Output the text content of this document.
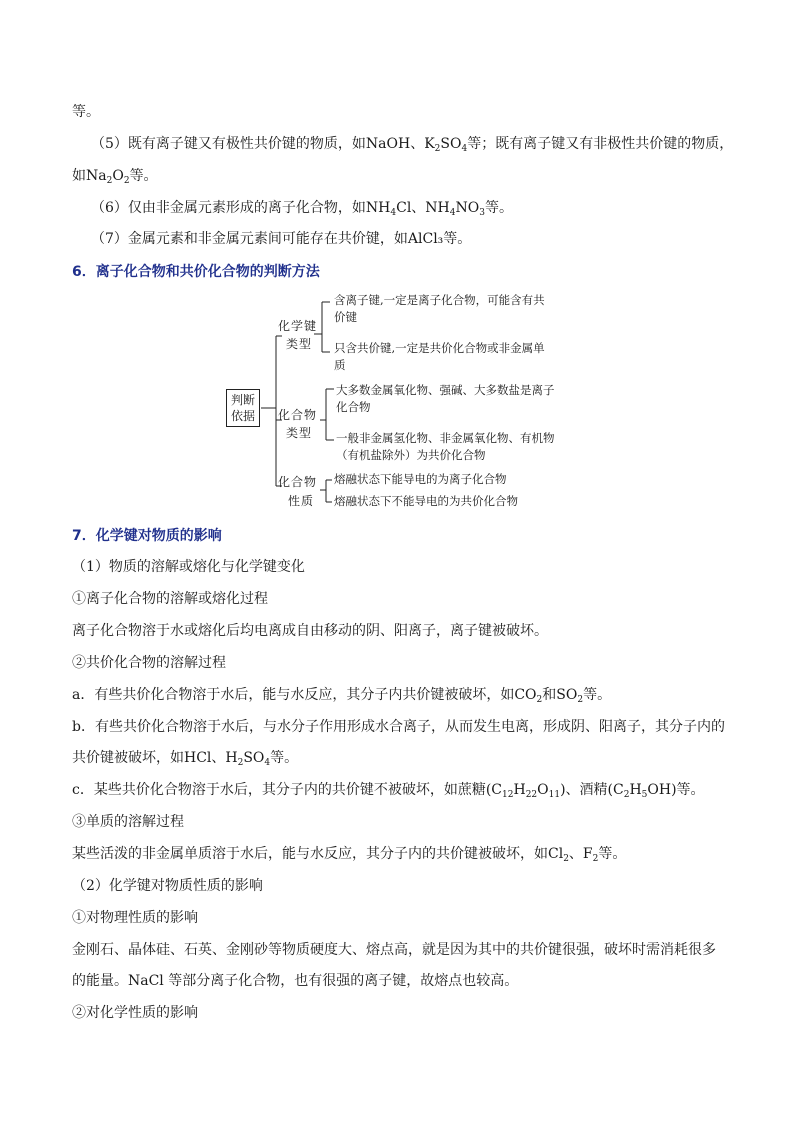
等。
（5）既有离子键又有极性共价键的物质，如NaOH、$K_2SO_4$等；既有离子键又有非极性共价键的物质，
如$Na_2O_2$等。
（6）仅由非金属元素形成的离子化合物，如$NH_4Cl$、$NH_4NO_3$等。
（7）金属元素和非金属元素间可能存在共价键，如AlCl₃等。
6．离子化合物和共价化合物的判断方法
判断
依据
化学键
类型
化合物
类型
化合物
性质
含离子键,一定是离子化合物，可能含有共
价键
只含共价键,一定是共价化合物或非金属单
质
大多数金属氧化物、强碱、大多数盐是离子
化合物
一般非金属氢化物、非金属氧化物、有机物
（有机盐除外）为共价化合物
熔融状态下能导电的为离子化合物
熔融状态下不能导电的为共价化合物
7．化学键对物质的影响
（1）物质的溶解或熔化与化学键变化
①离子化合物的溶解或熔化过程
离子化合物溶于水或熔化后均电离成自由移动的阴、阳离子，离子键被破坏。
②共价化合物的溶解过程
a．有些共价化合物溶于水后，能与水反应，其分子内共价键被破坏，如$CO_2$和$SO_2$等。
b．有些共价化合物溶于水后，与水分子作用形成水合离子，从而发生电离，形成阴、阳离子，其分子内的
共价键被破坏，如HCl、$H_2SO_4$等。
c．某些共价化合物溶于水后，其分子内的共价键不被破坏，如蔗糖$(C_{12}H_{22}O_{11})$、酒精$(C_2H_5OH)$等。
③单质的溶解过程
某些活泼的非金属单质溶于水后，能与水反应，其分子内的共价键被破坏，如$Cl_2$、$F_2$等。
（2）化学键对物质性质的影响
①对物理性质的影响
金刚石、晶体硅、石英、金刚砂等物质硬度大、熔点高，就是因为其中的共价键很强，破坏时需消耗很多
的能量。NaCl 等部分离子化合物，也有很强的离子键，故熔点也较高。
②对化学性质的影响
